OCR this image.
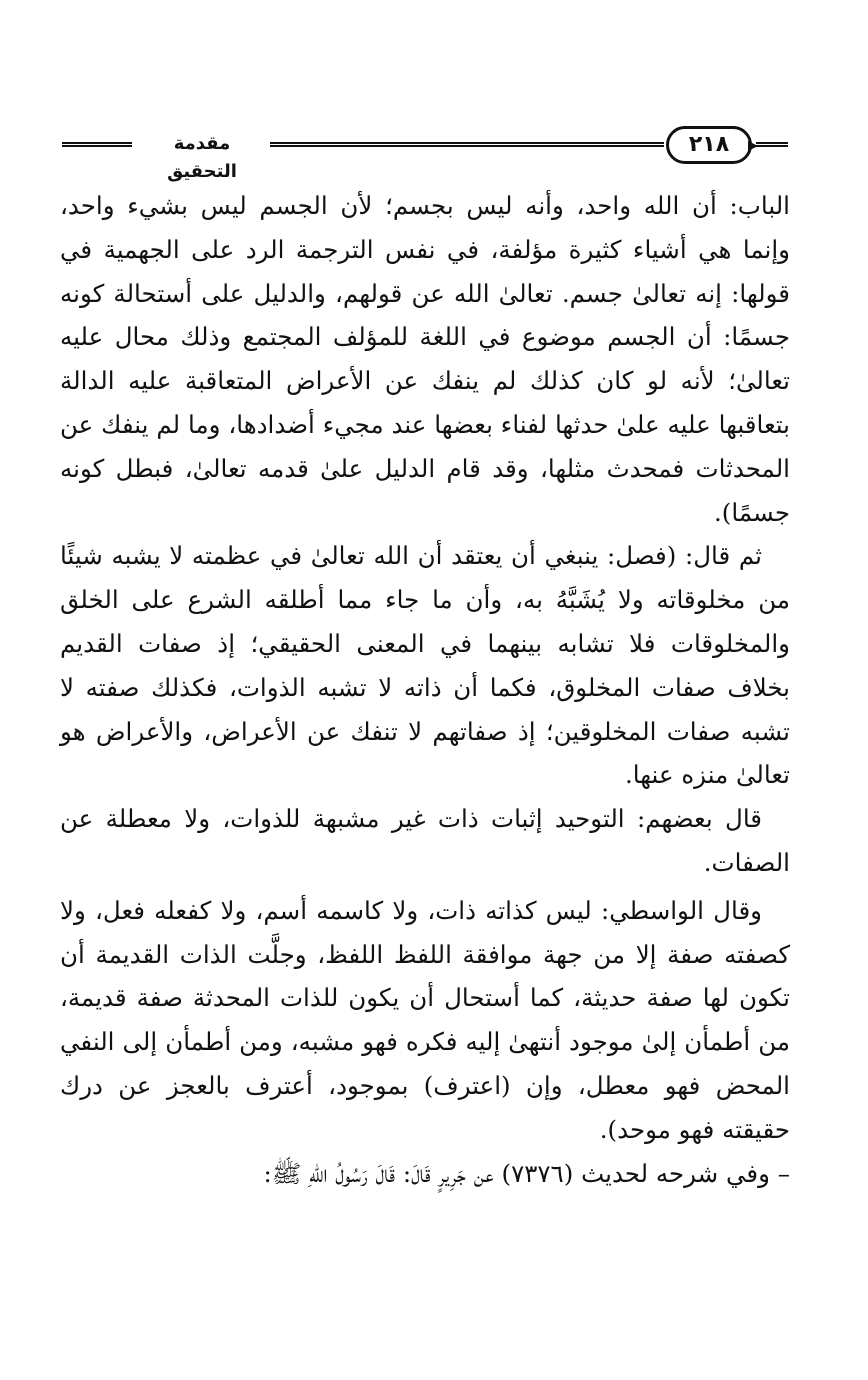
مقدمة التحقيق
٢١٨

الباب: أن الله واحد، وأنه ليس بجسم؛ لأن الجسم ليس بشيء واحد، وإنما هي أشياء كثيرة مؤلفة، في نفس الترجمة الرد على الجهمية في قولها: إنه تعالىٰ جسم. تعالىٰ الله عن قولهم، والدليل على أستحالة كونه جسمًا: أن الجسم موضوع في اللغة للمؤلف المجتمع وذلك محال عليه تعالىٰ؛ لأنه لو كان كذلك لم ينفك عن الأعراض المتعاقبة عليه الدالة بتعاقبها عليه علىٰ حدثها لفناء بعضها عند مجيء أضدادها، وما لم ينفك عن المحدثات فمحدث مثلها، وقد قام الدليل علىٰ قدمه تعالىٰ، فبطل كونه جسمًا).

ثم قال: (فصل: ينبغي أن يعتقد أن الله تعالىٰ في عظمته لا يشبه شيئًا من مخلوقاته ولا يُشَبَّهُ به، وأن ما جاء مما أطلقه الشرع على الخلق والمخلوقات فلا تشابه بينهما في المعنى الحقيقي؛ إذ صفات القديم بخلاف صفات المخلوق، فكما أن ذاته لا تشبه الذوات، فكذلك صفته لا تشبه صفات المخلوقين؛ إذ صفاتهم لا تنفك عن الأعراض، والأعراض هو تعالىٰ منزه عنها.

قال بعضهم: التوحيد إثبات ذات غير مشبهة للذوات، ولا معطلة عن الصفات.

وقال الواسطي: ليس كذاته ذات، ولا كاسمه أسم، ولا كفعله فعل، ولا كصفته صفة إلا من جهة موافقة اللفظ اللفظ، وجلَّت الذات القديمة أن تكون لها صفة حديثة، كما أستحال أن يكون للذات المحدثة صفة قديمة، من أطمأن إلىٰ موجود أنتهىٰ إليه فكره فهو مشبه، ومن أطمأن إلى النفي المحض فهو معطل، وإن (اعترف) بموجود، أعترف بالعجز عن درك حقيقته فهو موحد).

– وفي شرحه لحديث (٧٣٧٦) عن جَرِيرٍ قَالَ: قَالَ رَسُولُ اللهِ ﷺ:
